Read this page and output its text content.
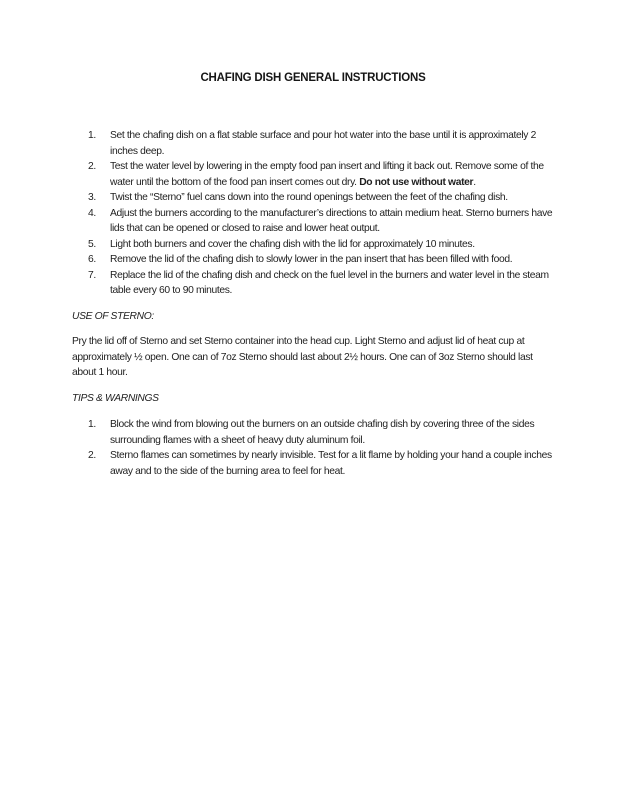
CHAFING DISH GENERAL INSTRUCTIONS
1.	Set the chafing dish on a flat stable surface and pour hot water into the base until it is approximately 2 inches deep.
2.	Test the water level by lowering in the empty food pan insert and lifting it back out. Remove some of the water until the bottom of the food pan insert comes out dry. Do not use without water.
3.	Twist the “Sterno” fuel cans down into the round openings between the feet of the chafing dish.
4.	Adjust the burners according to the manufacturer’s directions to attain medium heat. Sterno burners have lids that can be opened or closed to raise and lower heat output.
5.	Light both burners and cover the chafing dish with the lid for approximately 10 minutes.
6.	Remove the lid of the chafing dish to slowly lower in the pan insert that has been filled with food.
7.	Replace the lid of the chafing dish and check on the fuel level in the burners and water level in the steam table every 60 to 90 minutes.
USE OF STERNO:
Pry the lid off of Sterno and set Sterno container into the head cup. Light Sterno and adjust lid of heat cup at approximately ½ open. One can of 7oz Sterno should last about 2½ hours. One can of 3oz Sterno should last about 1 hour.
TIPS & WARNINGS
1.	Block the wind from blowing out the burners on an outside chafing dish by covering three of the sides surrounding flames with a sheet of heavy duty aluminum foil.
2.	Sterno flames can sometimes by nearly invisible. Test for a lit flame by holding your hand a couple inches away and to the side of the burning area to feel for heat.
